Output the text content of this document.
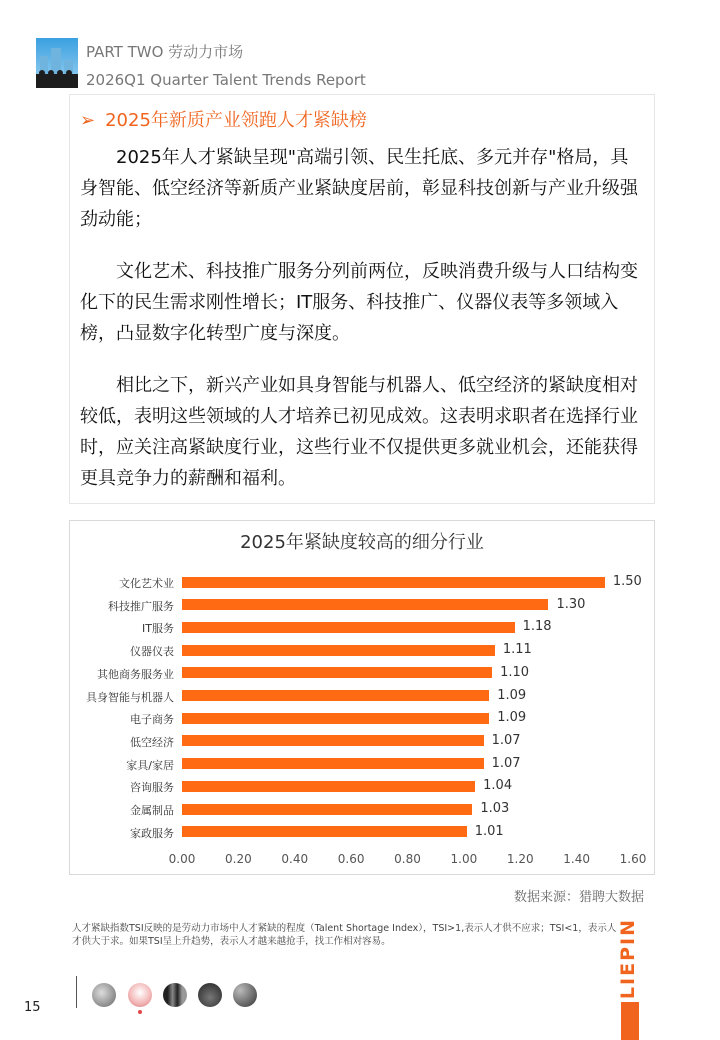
PART TWO 劳动力市场
2026Q1 Quarter Talent Trends Report
➢ 2025年新质产业领跑人才紧缺榜

2025年人才紧缺呈现"高端引领、民生托底、多元并存"格局，具身智能、低空经济等新质产业紧缺度居前，彰显科技创新与产业升级强劲动能；

文化艺术、科技推广服务分列前两位，反映消费升级与人口结构变化下的民生需求刚性增长；IT服务、科技推广、仪器仪表等多领域入榜，凸显数字化转型广度与深度。

相比之下，新兴产业如具身智能与机器人、低空经济的紧缺度相对较低，表明这些领域的人才培养已初见成效。这表明求职者在选择行业时，应关注高紧缺度行业，这些行业不仅提供更多就业机会，还能获得更具竞争力的薪酬和福利。

2025年紧缺度较高的细分行业
文化艺术业	1.50
科技推广服务	1.30
IT服务	1.18
仪器仪表	1.11
其他商务服务业	1.10
具身智能与机器人	1.09
电子商务	1.09
低空经济	1.07
家具/家居	1.07
咨询服务	1.04
金属制品	1.03
家政服务	1.01
0.00	0.20	0.40	0.60	0.80	1.00	1.20	1.40	1.60
数据来源：猎聘大数据
人才紧缺指数TSI反映的是劳动力市场中人才紧缺的程度（Talent Shortage Index），TSI>1,表示人才供不应求；TSI<1，表示人才供大于求。如果TSI呈上升趋势，表示人才越来越抢手，找工作相对容易。
15
LIEPIN
